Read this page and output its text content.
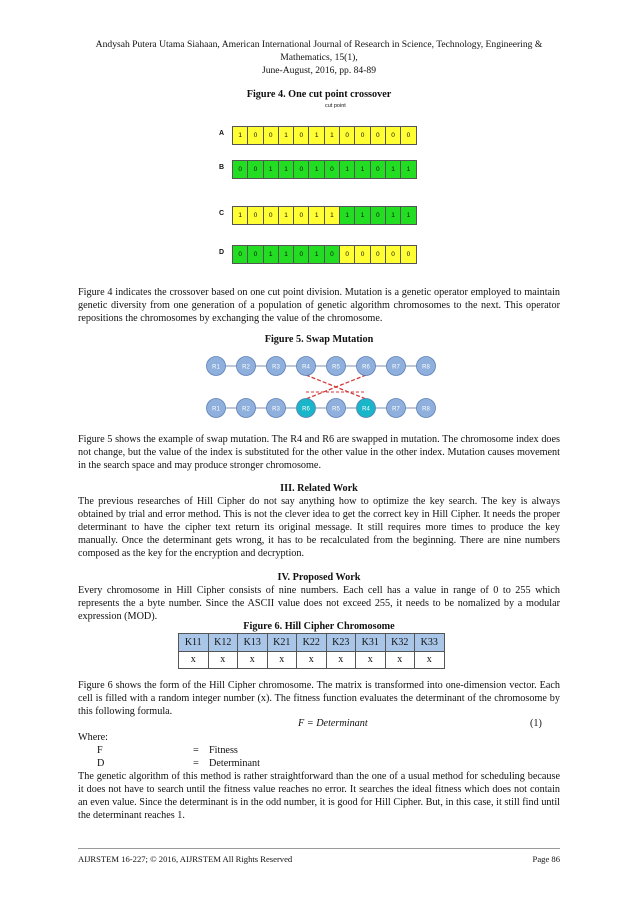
Andysah Putera Utama Siahaan, American International Journal of Research in Science, Technology, Engineering & Mathematics, 15(1),
June-August, 2016, pp. 84-89
Figure 4. One cut point crossover
cut point
A	1	0	0	1	0	1	1	0	0	0	0	0
B	0	0	1	1	0	1	0	1	1	0	1	1
C	1	0	0	1	0	1	1	1	1	0	1	1
D	0	0	1	1	0	1	0	0	0	0	0	0
Figure 4 indicates the crossover based on one cut point division. Mutation is a genetic operator employed to maintain genetic diversity from one generation of a population of genetic algorithm chromosomes to the next. This operator repositions the chromosomes by exchanging the value of the chromosome.
Figure 5. Swap Mutation
R1	R2	R3	R4	R5	R6	R7	R8
R1	R2	R3	R6	R5	R4	R7	R8
Figure 5 shows the example of swap mutation. The R4 and R6 are swapped in mutation. The chromosome index does not change, but the value of the index is substituted for the other value in the other index. Mutation causes movement in the search space and may produce stronger chromosome.
III. Related Work
The previous researches of Hill Cipher do not say anything how to optimize the key search. The key is always obtained by trial and error method. This is not the clever idea to get the correct key in Hill Cipher. It needs the proper determinant to have the cipher text return its original message. It still requires more times to produce the key manually. Once the determinant gets wrong, it has to be recalculated from the beginning. There are nine numbers composed as the key for the encryption and decryption.
IV. Proposed Work
Every chromosome in Hill Cipher consists of nine numbers. Each cell has a value in range of 0 to 255 which represents the a byte number. Since the ASCII value does not exceed 255, it needs to be nomalized by a modular expression (MOD).
Figure 6. Hill Cipher Chromosome
K11	K12	K13	K21	K22	K23	K31	K32	K33
x	x	x	x	x	x	x	x	x
Figure 6 shows the form of the Hill Cipher chromosome. The matrix is transformed into one-dimension vector. Each cell is filled with a random integer number (x). The fitness function evaluates the determinant of the chromosome by this following formula.
F = Determinant	(1)
Where:
F	= Fitness
D	= Determinant
The genetic algorithm of this method is rather straightforward than the one of a usual method for scheduling because it does not have to search until the fitness value reaches no error. It searches the ideal fitness which does not contain an even value. Since the determinant is in the odd number, it is good for Hill Cipher. But, in this case, it still find until the determinant reaches 1.
AIJRSTEM 16-227; © 2016, AIJRSTEM All Rights Reserved	Page 86
